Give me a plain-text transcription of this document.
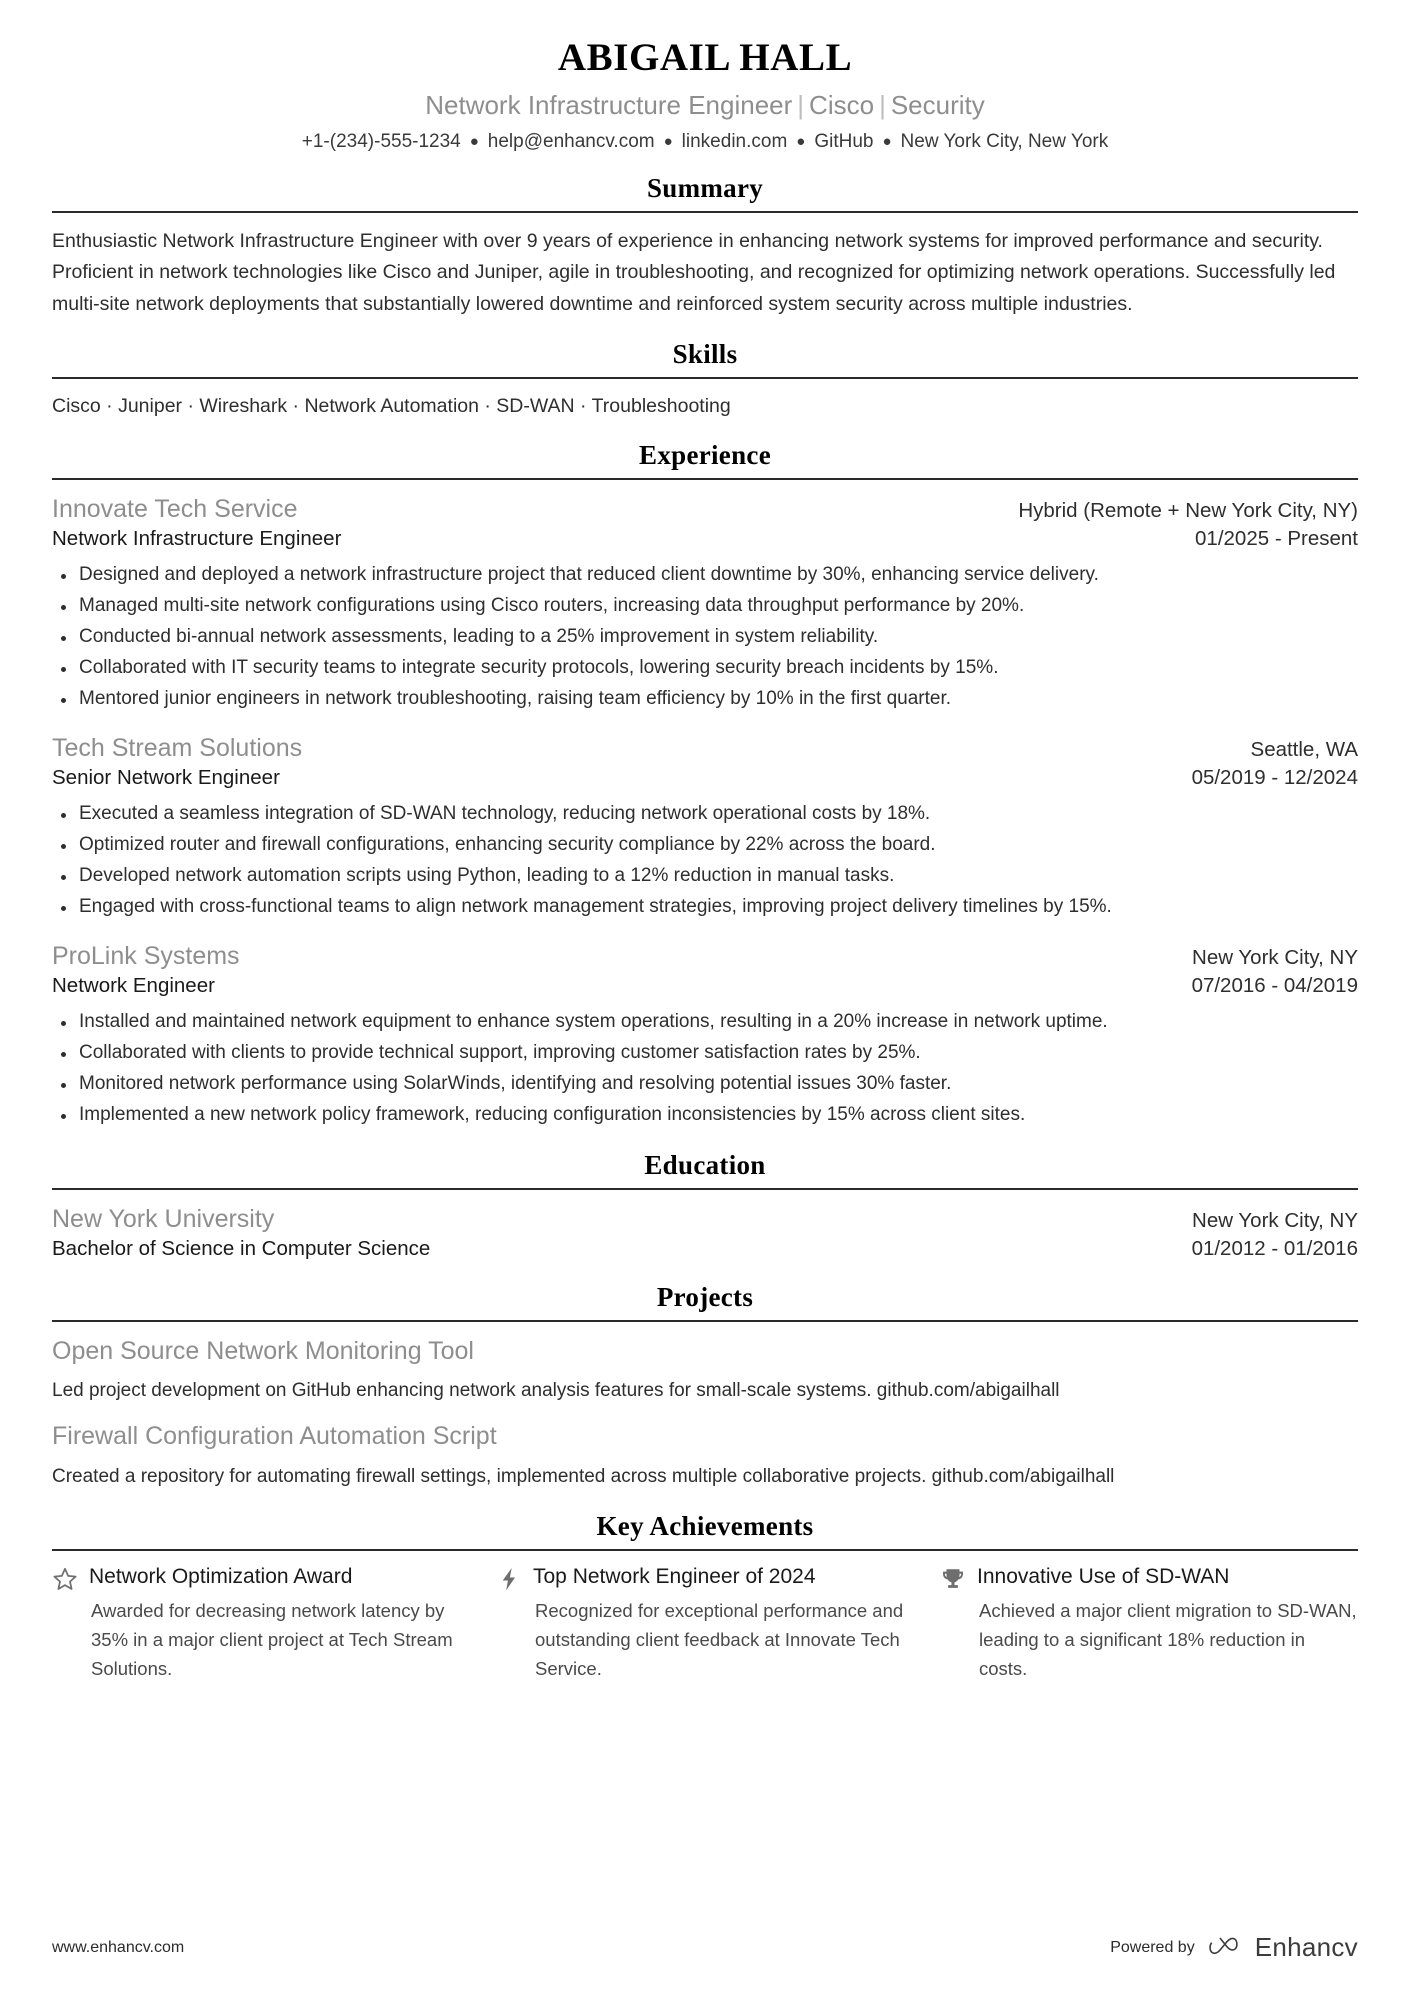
ABIGAIL HALL
Network Infrastructure Engineer | Cisco | Security
+1-(234)-555-1234 ● help@enhancv.com ● linkedin.com ● GitHub ● New York City, New York
Summary
Enthusiastic Network Infrastructure Engineer with over 9 years of experience in enhancing network systems for improved performance and security. Proficient in network technologies like Cisco and Juniper, agile in troubleshooting, and recognized for optimizing network operations. Successfully led multi-site network deployments that substantially lowered downtime and reinforced system security across multiple industries.
Skills
Cisco · Juniper · Wireshark · Network Automation · SD-WAN · Troubleshooting
Experience
Innovate Tech Service	Hybrid (Remote + New York City, NY)
Network Infrastructure Engineer	01/2025 - Present
Designed and deployed a network infrastructure project that reduced client downtime by 30%, enhancing service delivery.
Managed multi-site network configurations using Cisco routers, increasing data throughput performance by 20%.
Conducted bi-annual network assessments, leading to a 25% improvement in system reliability.
Collaborated with IT security teams to integrate security protocols, lowering security breach incidents by 15%.
Mentored junior engineers in network troubleshooting, raising team efficiency by 10% in the first quarter.
Tech Stream Solutions	Seattle, WA
Senior Network Engineer	05/2019 - 12/2024
Executed a seamless integration of SD-WAN technology, reducing network operational costs by 18%.
Optimized router and firewall configurations, enhancing security compliance by 22% across the board.
Developed network automation scripts using Python, leading to a 12% reduction in manual tasks.
Engaged with cross-functional teams to align network management strategies, improving project delivery timelines by 15%.
ProLink Systems	New York City, NY
Network Engineer	07/2016 - 04/2019
Installed and maintained network equipment to enhance system operations, resulting in a 20% increase in network uptime.
Collaborated with clients to provide technical support, improving customer satisfaction rates by 25%.
Monitored network performance using SolarWinds, identifying and resolving potential issues 30% faster.
Implemented a new network policy framework, reducing configuration inconsistencies by 15% across client sites.
Education
New York University	New York City, NY
Bachelor of Science in Computer Science	01/2012 - 01/2016
Projects
Open Source Network Monitoring Tool
Led project development on GitHub enhancing network analysis features for small-scale systems. github.com/abigailhall
Firewall Configuration Automation Script
Created a repository for automating firewall settings, implemented across multiple collaborative projects. github.com/abigailhall
Key Achievements
Network Optimization Award
Awarded for decreasing network latency by 35% in a major client project at Tech Stream Solutions.
Top Network Engineer of 2024
Recognized for exceptional performance and outstanding client feedback at Innovate Tech Service.
Innovative Use of SD-WAN
Achieved a major client migration to SD-WAN, leading to a significant 18% reduction in costs.
www.enhancv.com	Powered by Enhancv
